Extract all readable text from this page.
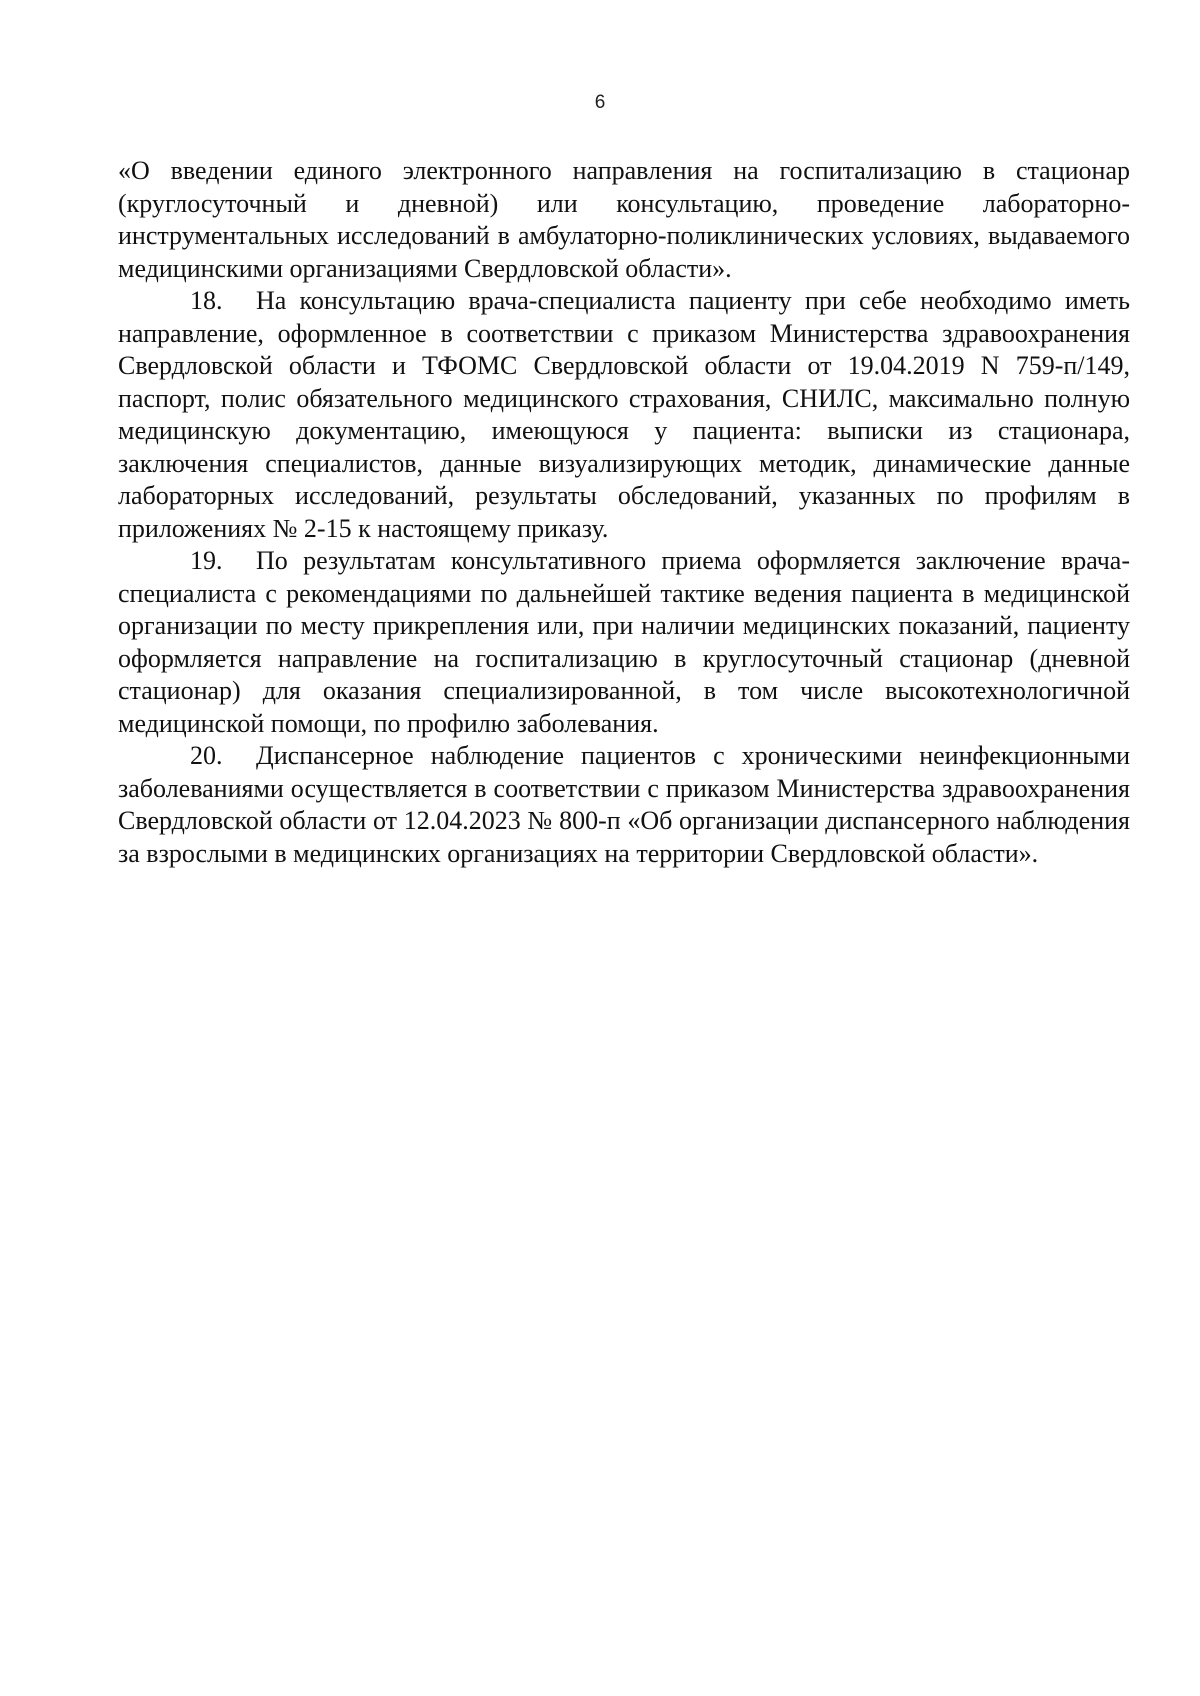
6

«О введении единого электронного направления на госпитализацию в стационар (круглосуточный и дневной) или консультацию, проведение лабораторно-инструментальных исследований в амбулаторно-поликлинических условиях, выдаваемого медицинскими организациями Свердловской области».

18. На консультацию врача-специалиста пациенту при себе необходимо иметь направление, оформленное в соответствии с приказом Министерства здравоохранения Свердловской области и ТФОМС Свердловской области от 19.04.2019 N 759-п/149, паспорт, полис обязательного медицинского страхования, СНИЛС, максимально полную медицинскую документацию, имеющуюся у пациента: выписки из стационара, заключения специалистов, данные визуализирующих методик, динамические данные лабораторных исследований, результаты обследований, указанных по профилям в приложениях № 2-15 к настоящему приказу.

19. По результатам консультативного приема оформляется заключение врача-специалиста с рекомендациями по дальнейшей тактике ведения пациента в медицинской организации по месту прикрепления или, при наличии медицинских показаний, пациенту оформляется направление на госпитализацию в круглосуточный стационар (дневной стационар) для оказания специализированной, в том числе высокотехнологичной медицинской помощи, по профилю заболевания.

20. Диспансерное наблюдение пациентов с хроническими неинфекционными заболеваниями осуществляется в соответствии с приказом Министерства здравоохранения Свердловской области от 12.04.2023 № 800-п «Об организации диспансерного наблюдения за взрослыми в медицинских организациях на территории Свердловской области».
